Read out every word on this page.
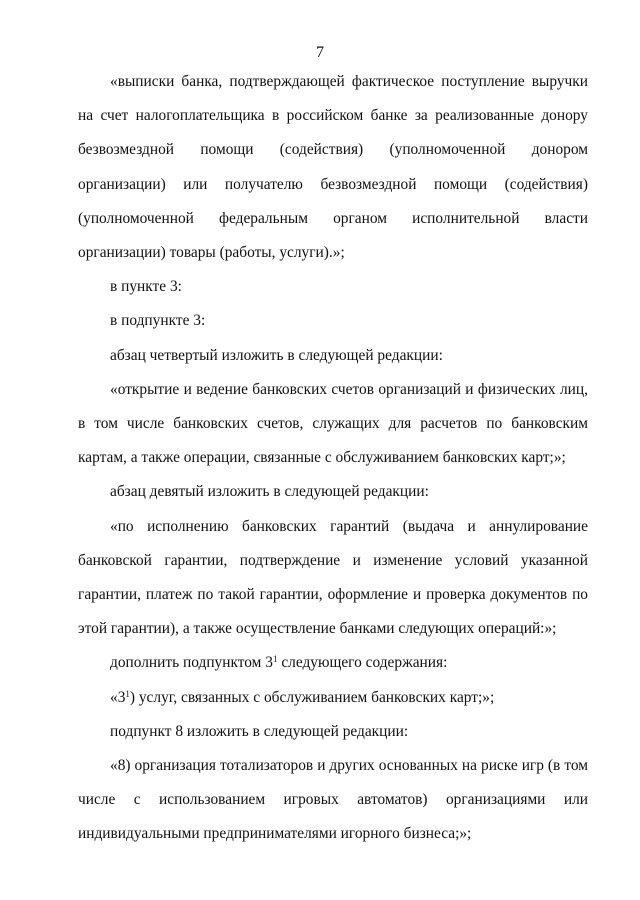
7

«выписки банка, подтверждающей фактическое поступление выручки на счет налогоплательщика в российском банке за реализованные донору безвозмездной помощи (содействия) (уполномоченной донором организации) или получателю безвозмездной помощи (содействия) (уполномоченной федеральным органом исполнительной власти организации) товары (работы, услуги).»;

в пункте 3:

в подпункте 3:

абзац четвертый изложить в следующей редакции:

«открытие и ведение банковских счетов организаций и физических лиц, в том числе банковских счетов, служащих для расчетов по банковским картам, а также операции, связанные с обслуживанием банковских карт;»;

абзац девятый изложить в следующей редакции:

«по исполнению банковских гарантий (выдача и аннулирование банковской гарантии, подтверждение и изменение условий указанной гарантии, платеж по такой гарантии, оформление и проверка документов по этой гарантии), а также осуществление банками следующих операций:»;

дополнить подпунктом $3^1$ следующего содержания:

«$3^1$) услуг, связанных с обслуживанием банковских карт;»;

подпункт 8 изложить в следующей редакции:

«8) организация тотализаторов и других основанных на риске игр (в том числе с использованием игровых автоматов) организациями или индивидуальными предпринимателями игорного бизнеса;»;
